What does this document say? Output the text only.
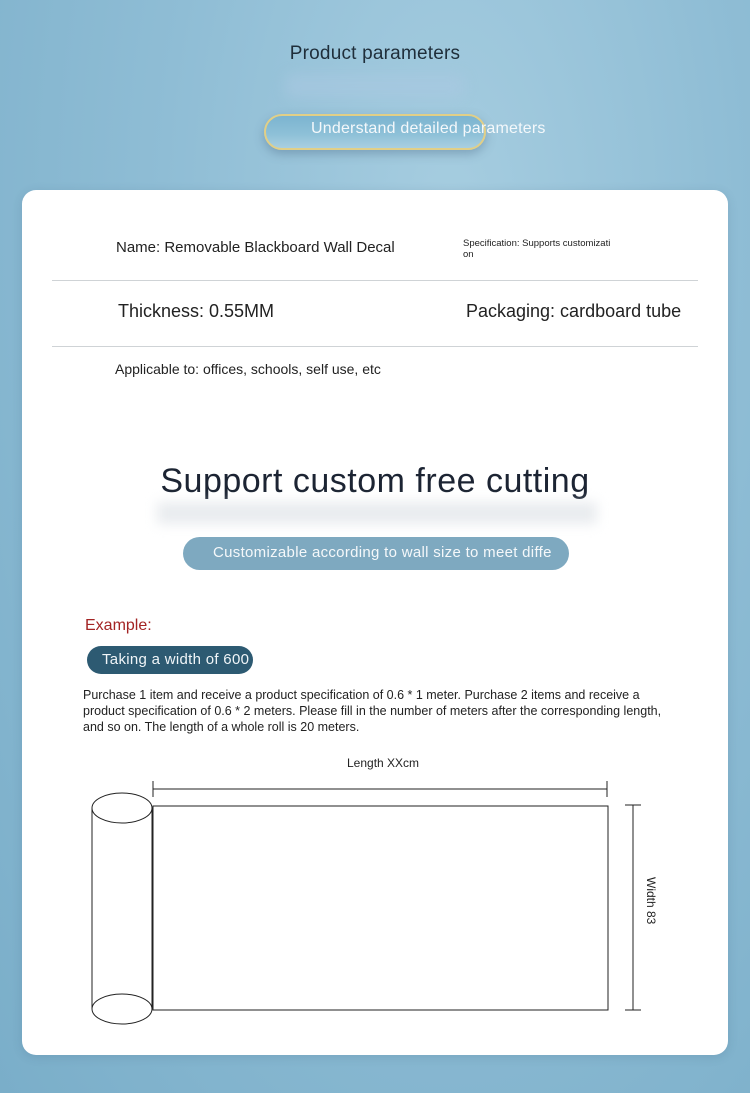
Product parameters
Understand detailed parameters
Name: Removable Blackboard Wall Decal	Specification: Supports customizati
on
Thickness: 0.55MM	Packaging: cardboard tube
Applicable to: offices, schools, self use, etc
Support custom free cutting
Customizable according to wall size to meet diffe
Example:
Taking a width of 600
Purchase 1 item and receive a product specification of 0.6 * 1 meter. Purchase 2 items and receive a product specification of 0.6 * 2 meters. Please fill in the number of meters after the corresponding length, and so on. The length of a whole roll is 20 meters.
Length XXcm
Width 83
